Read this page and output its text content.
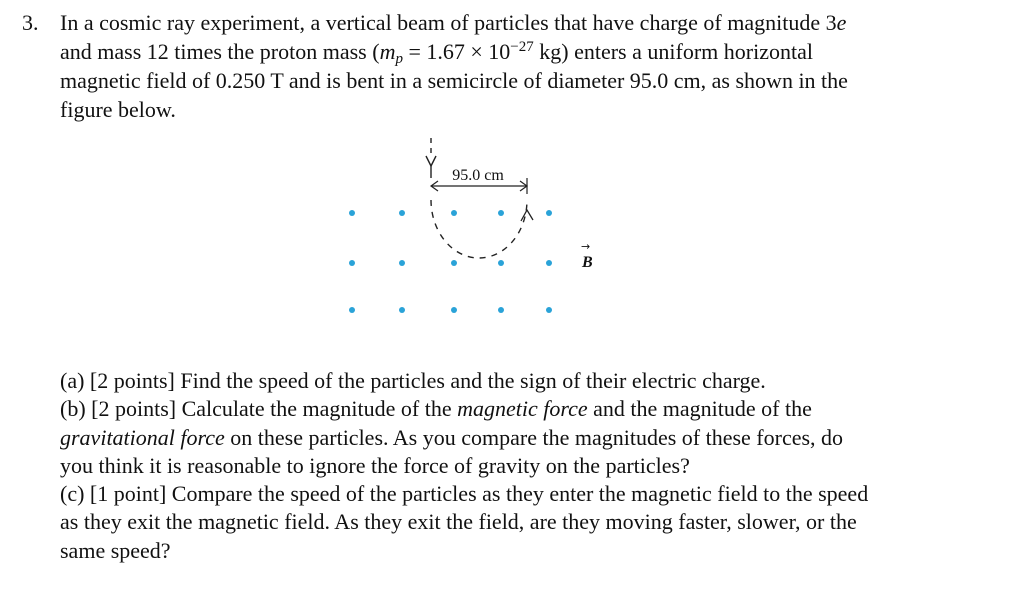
3. In a cosmic ray experiment, a vertical beam of particles that have charge of magnitude 3e
and mass 12 times the proton mass ($m_p = 1.67 \times 10^{-27}$ kg) enters a uniform horizontal
magnetic field of 0.250 T and is bent in a semicircle of diameter 95.0 cm, as shown in the
figure below.
95.0 cm
B
→
(a) [2 points] Find the speed of the particles and the sign of their electric charge.
(b) [2 points] Calculate the magnitude of the magnetic force and the magnitude of the
gravitational force on these particles. As you compare the magnitudes of these forces, do
you think it is reasonable to ignore the force of gravity on the particles?
(c) [1 point] Compare the speed of the particles as they enter the magnetic field to the speed
as they exit the magnetic field. As they exit the field, are they moving faster, slower, or the
same speed?
